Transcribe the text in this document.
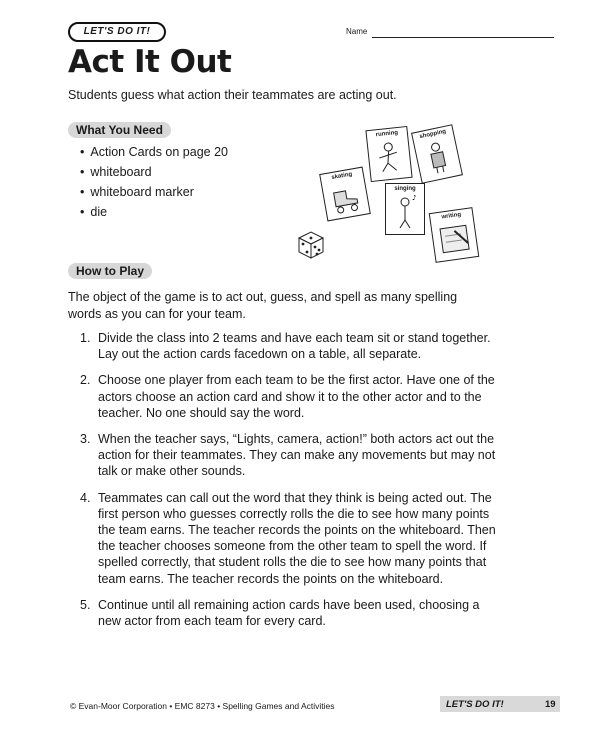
LET'S DO IT!	Name
Act It Out
Students guess what action their teammates are acting out.
What You Need
• Action Cards on page 20
• whiteboard
• whiteboard marker
• die
running	shopping
skating
singing
♪
writing
How to Play
The object of the game is to act out, guess, and spell as many spelling words as you can for your team.
1. Divide the class into 2 teams and have each team sit or stand together. Lay out the action cards facedown on a table, all separate.
2. Choose one player from each team to be the first actor. Have one of the actors choose an action card and show it to the other actor and to the teacher. No one should say the word.
3. When the teacher says, “Lights, camera, action!” both actors act out the action for their teammates. They can make any movements but may not talk or make other sounds.
4. Teammates can call out the word that they think is being acted out. The first person who guesses correctly rolls the die to see how many points the team earns. The teacher records the points on the whiteboard. Then the teacher chooses someone from the other team to spell the word. If spelled correctly, that student rolls the die to see how many points that team earns. The teacher records the points on the whiteboard.
5. Continue until all remaining action cards have been used, choosing a new actor from each team for every card.
© Evan-Moor Corporation • EMC 8273 • Spelling Games and Activities	LET'S DO IT!	19
